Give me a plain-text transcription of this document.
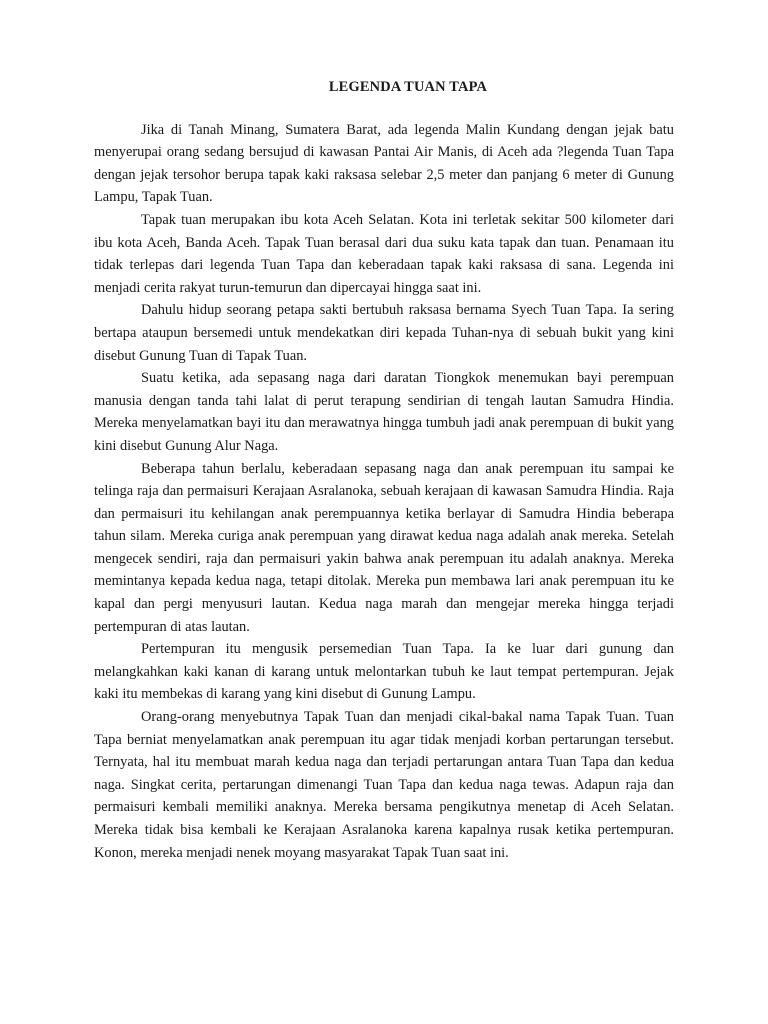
LEGENDA TUAN TAPA

Jika di Tanah Minang, Sumatera Barat, ada legenda Malin Kundang dengan jejak batu menyerupai orang sedang bersujud di kawasan Pantai Air Manis, di Aceh ada ?legenda Tuan Tapa dengan jejak tersohor berupa tapak kaki raksasa selebar 2,5 meter dan panjang 6 meter di Gunung Lampu, Tapak Tuan.

Tapak tuan merupakan ibu kota Aceh Selatan. Kota ini terletak sekitar 500 kilometer dari ibu kota Aceh, Banda Aceh. Tapak Tuan berasal dari dua suku kata tapak dan tuan. Penamaan itu tidak terlepas dari legenda Tuan Tapa dan keberadaan tapak kaki raksasa di sana. Legenda ini menjadi cerita rakyat turun-temurun dan dipercayai hingga saat ini.

Dahulu hidup seorang petapa sakti bertubuh raksasa bernama Syech Tuan Tapa. Ia sering bertapa ataupun bersemedi untuk mendekatkan diri kepada Tuhan-nya di sebuah bukit yang kini disebut Gunung Tuan di Tapak Tuan.

Suatu ketika, ada sepasang naga dari daratan Tiongkok menemukan bayi perempuan manusia dengan tanda tahi lalat di perut terapung sendirian di tengah lautan Samudra Hindia. Mereka menyelamatkan bayi itu dan merawatnya hingga tumbuh jadi anak perempuan di bukit yang kini disebut Gunung Alur Naga.

Beberapa tahun berlalu, keberadaan sepasang naga dan anak perempuan itu sampai ke telinga raja dan permaisuri Kerajaan Asralanoka, sebuah kerajaan di kawasan Samudra Hindia. Raja dan permaisuri itu kehilangan anak perempuannya ketika berlayar di Samudra Hindia beberapa tahun silam. Mereka curiga anak perempuan yang dirawat kedua naga adalah anak mereka. Setelah mengecek sendiri, raja dan permaisuri yakin bahwa anak perempuan itu adalah anaknya. Mereka memintanya kepada kedua naga, tetapi ditolak. Mereka pun membawa lari anak perempuan itu ke kapal dan pergi menyusuri lautan. Kedua naga marah dan mengejar mereka hingga terjadi pertempuran di atas lautan.

Pertempuran itu mengusik persemedian Tuan Tapa. Ia ke luar dari gunung dan melangkahkan kaki kanan di karang untuk melontarkan tubuh ke laut tempat pertempuran. Jejak kaki itu membekas di karang yang kini disebut di Gunung Lampu.

Orang-orang menyebutnya Tapak Tuan dan menjadi cikal-bakal nama Tapak Tuan. Tuan Tapa berniat menyelamatkan anak perempuan itu agar tidak menjadi korban pertarungan tersebut. Ternyata, hal itu membuat marah kedua naga dan terjadi pertarungan antara Tuan Tapa dan kedua naga. Singkat cerita, pertarungan dimenangi Tuan Tapa dan kedua naga tewas. Adapun raja dan permaisuri kembali memiliki anaknya. Mereka bersama pengikutnya menetap di Aceh Selatan. Mereka tidak bisa kembali ke Kerajaan Asralanoka karena kapalnya rusak ketika pertempuran. Konon, mereka menjadi nenek moyang masyarakat Tapak Tuan saat ini.
